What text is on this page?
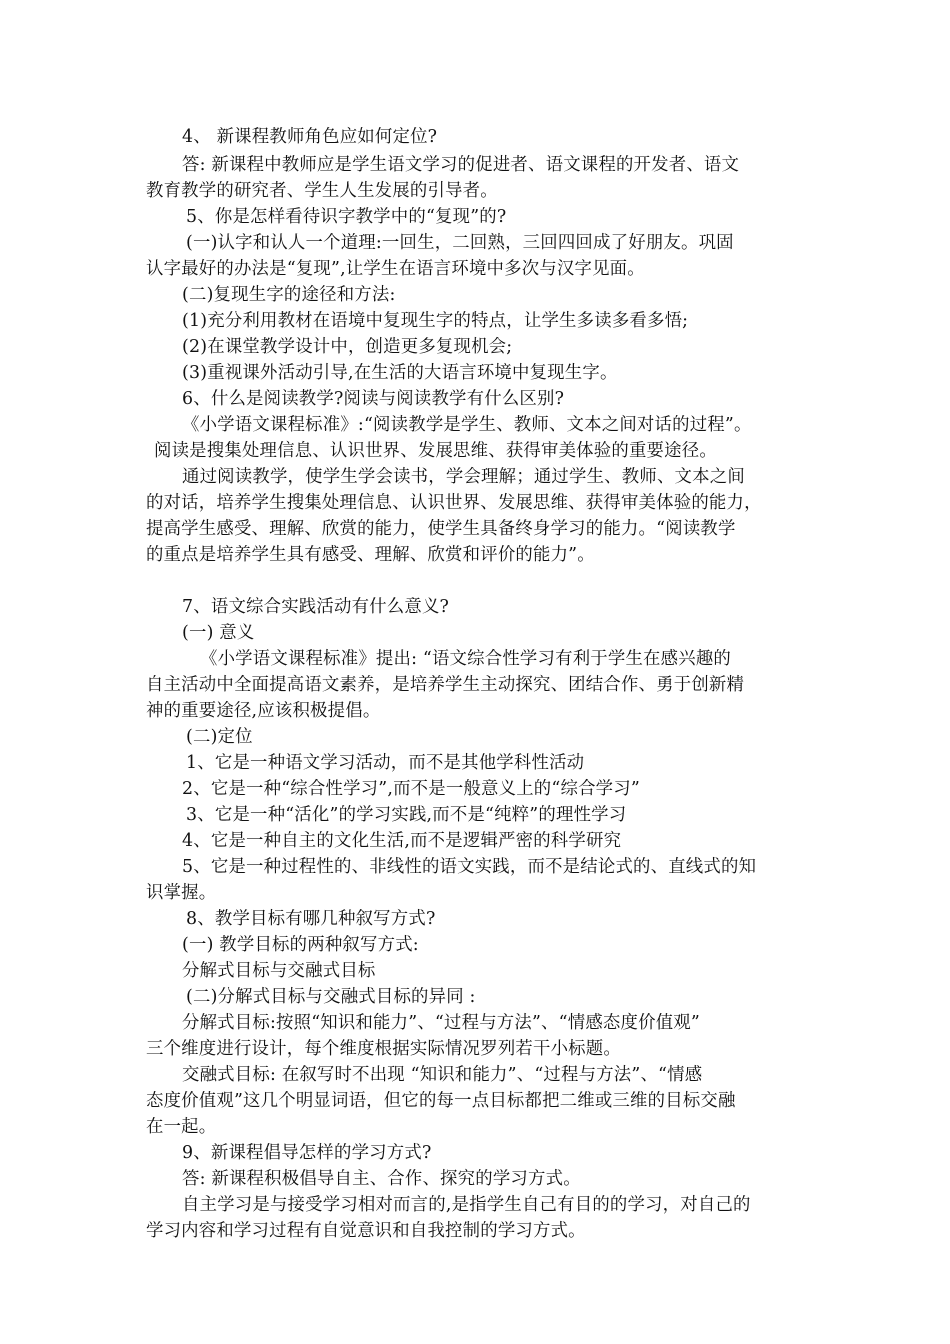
4、 新课程教师角色应如何定位?
答: 新课程中教师应是学生语文学习的促进者、语文课程的开发者、语文
教育教学的研究者、学生人生发展的引导者。
5、你是怎样看待识字教学中的“复现”的?
(一)认字和认人一个道理:一回生，二回熟，三回四回成了好朋友。巩固
认字最好的办法是“复现”,让学生在语言环境中多次与汉字见面。
(二)复现生字的途径和方法:
(1)充分利用教材在语境中复现生字的特点，让学生多读多看多悟;
(2)在课堂教学设计中，创造更多复现机会;
(3)重视课外活动引导,在生活的大语言环境中复现生字。
6、什么是阅读教学?阅读与阅读教学有什么区别?
《小学语文课程标准》:“阅读教学是学生、教师、文本之间对话的过程”。
阅读是搜集处理信息、认识世界、发展思维、获得审美体验的重要途径。
通过阅读教学，使学生学会读书，学会理解；通过学生、教师、文本之间
的对话，培养学生搜集处理信息、认识世界、发展思维、获得审美体验的能力，
提高学生感受、理解、欣赏的能力，使学生具备终身学习的能力。“阅读教学
的重点是培养学生具有感受、理解、欣赏和评价的能力”。
7、语文综合实践活动有什么意义?
(一) 意义
《小学语文课程标准》提出: “语文综合性学习有利于学生在感兴趣的
自主活动中全面提高语文素养，是培养学生主动探究、团结合作、勇于创新精
神的重要途径,应该积极提倡。
(二)定位
1、它是一种语文学习活动，而不是其他学科性活动
2、它是一种“综合性学习”,而不是一般意义上的“综合学习”
3、它是一种“活化”的学习实践,而不是“纯粹”的理性学习
4、它是一种自主的文化生活,而不是逻辑严密的科学研究
5、它是一种过程性的、非线性的语文实践，而不是结论式的、直线式的知
识掌握。
8、教学目标有哪几种叙写方式?
(一) 教学目标的两种叙写方式:
分解式目标与交融式目标
(二)分解式目标与交融式目标的异同 :
分解式目标:按照“知识和能力”、“过程与方法”、“情感态度价值观”
三个维度进行设计，每个维度根据实际情况罗列若干小标题。
交融式目标: 在叙写时不出现 “知识和能力”、“过程与方法”、“情感
态度价值观”这几个明显词语，但它的每一点目标都把二维或三维的目标交融
在一起。
9、新课程倡导怎样的学习方式?
答: 新课程积极倡导自主、合作、探究的学习方式。
自主学习是与接受学习相对而言的,是指学生自己有目的的学习，对自己的
学习内容和学习过程有自觉意识和自我控制的学习方式。
